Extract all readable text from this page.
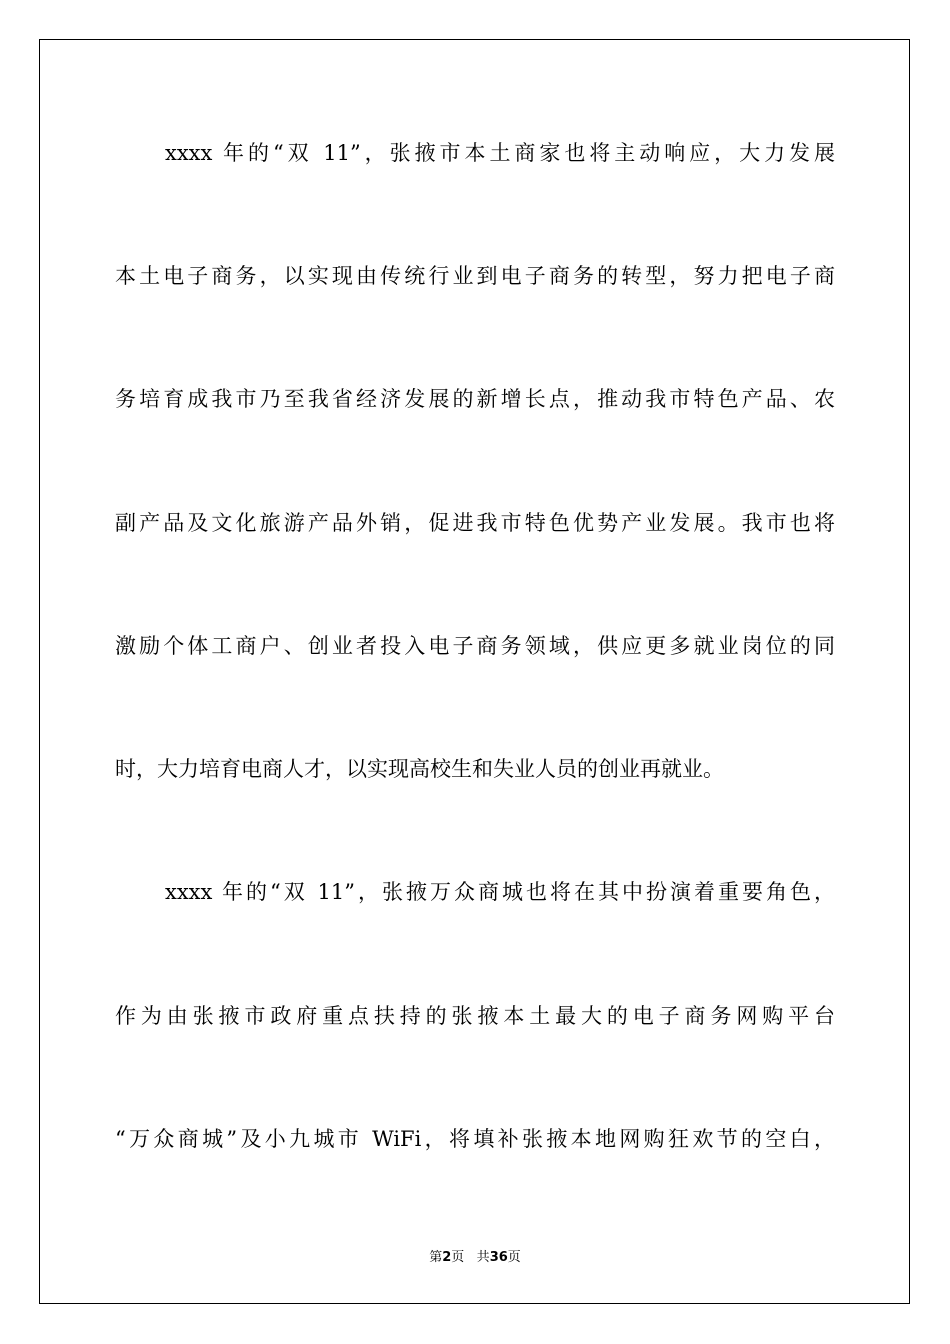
xxxx 年的“双 11”，张掖市本土商家也将主动响应，大力发展
本土电子商务，以实现由传统行业到电子商务的转型，努力把电子商
务培育成我市乃至我省经济发展的新增长点，推动我市特色产品、农
副产品及文化旅游产品外销，促进我市特色优势产业发展。我市也将
激励个体工商户、创业者投入电子商务领域，供应更多就业岗位的同
时，大力培育电商人才，以实现高校生和失业人员的创业再就业。
xxxx 年的“双 11”，张掖万众商城也将在其中扮演着重要角色，
作为由张掖市政府重点扶持的张掖本土最大的电子商务网购平台
“万众商城”及小九城市 WiFi，将填补张掖本地网购狂欢节的空白，
第2页 共36页
